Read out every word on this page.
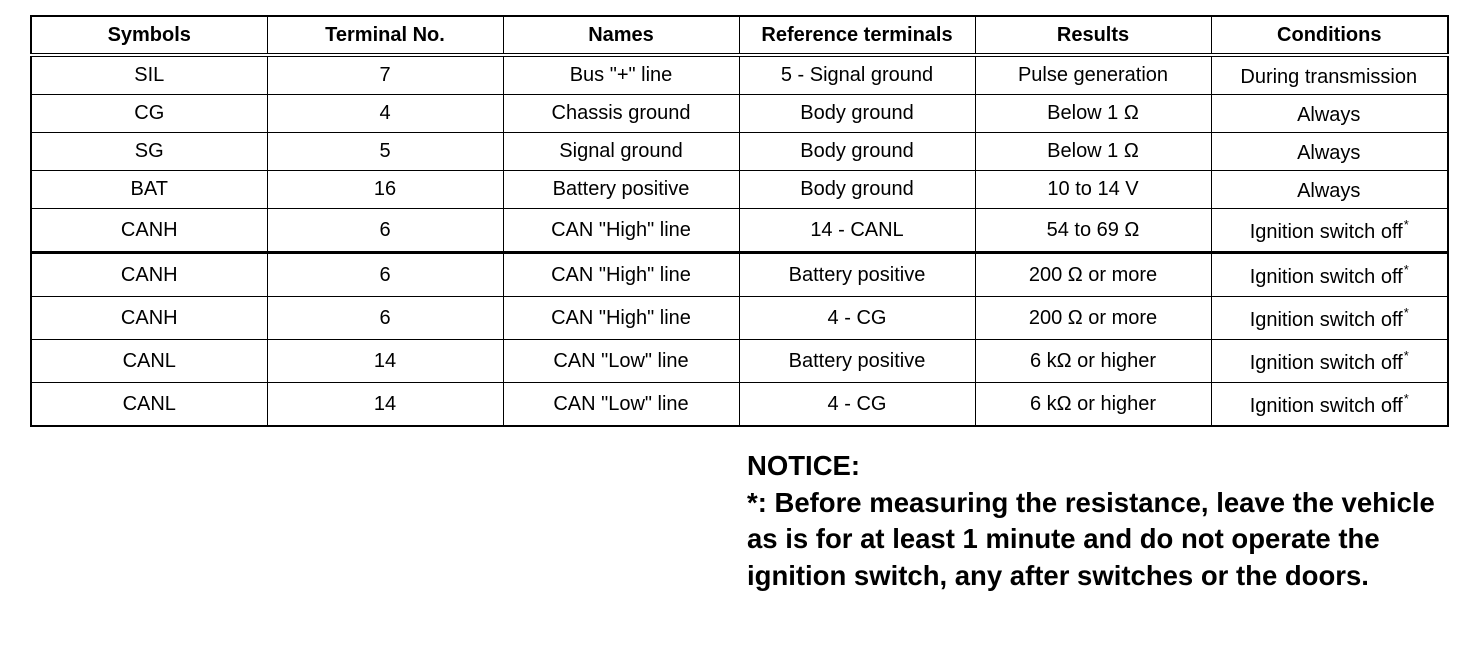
Symbols	Terminal No.	Names	Reference terminals	Results	Conditions
SIL	7	Bus "+" line	5 - Signal ground	Pulse generation	During transmission
CG	4	Chassis ground	Body ground	Below 1 Ω	Always
SG	5	Signal ground	Body ground	Below 1 Ω	Always
BAT	16	Battery positive	Body ground	10 to 14 V	Always
CANH	6	CAN "High" line	14 - CANL	54 to 69 Ω	Ignition switch off*
CANH	6	CAN "High" line	Battery positive	200 Ω or more	Ignition switch off*
CANH	6	CAN "High" line	4 - CG	200 Ω or more	Ignition switch off*
CANL	14	CAN "Low" line	Battery positive	6 kΩ or higher	Ignition switch off*
CANL	14	CAN "Low" line	4 - CG	6 kΩ or higher	Ignition switch off*
NOTICE:
*: Before measuring the resistance, leave the vehicle as is for at least 1 minute and do not operate the ignition switch, any after switches or the doors.
